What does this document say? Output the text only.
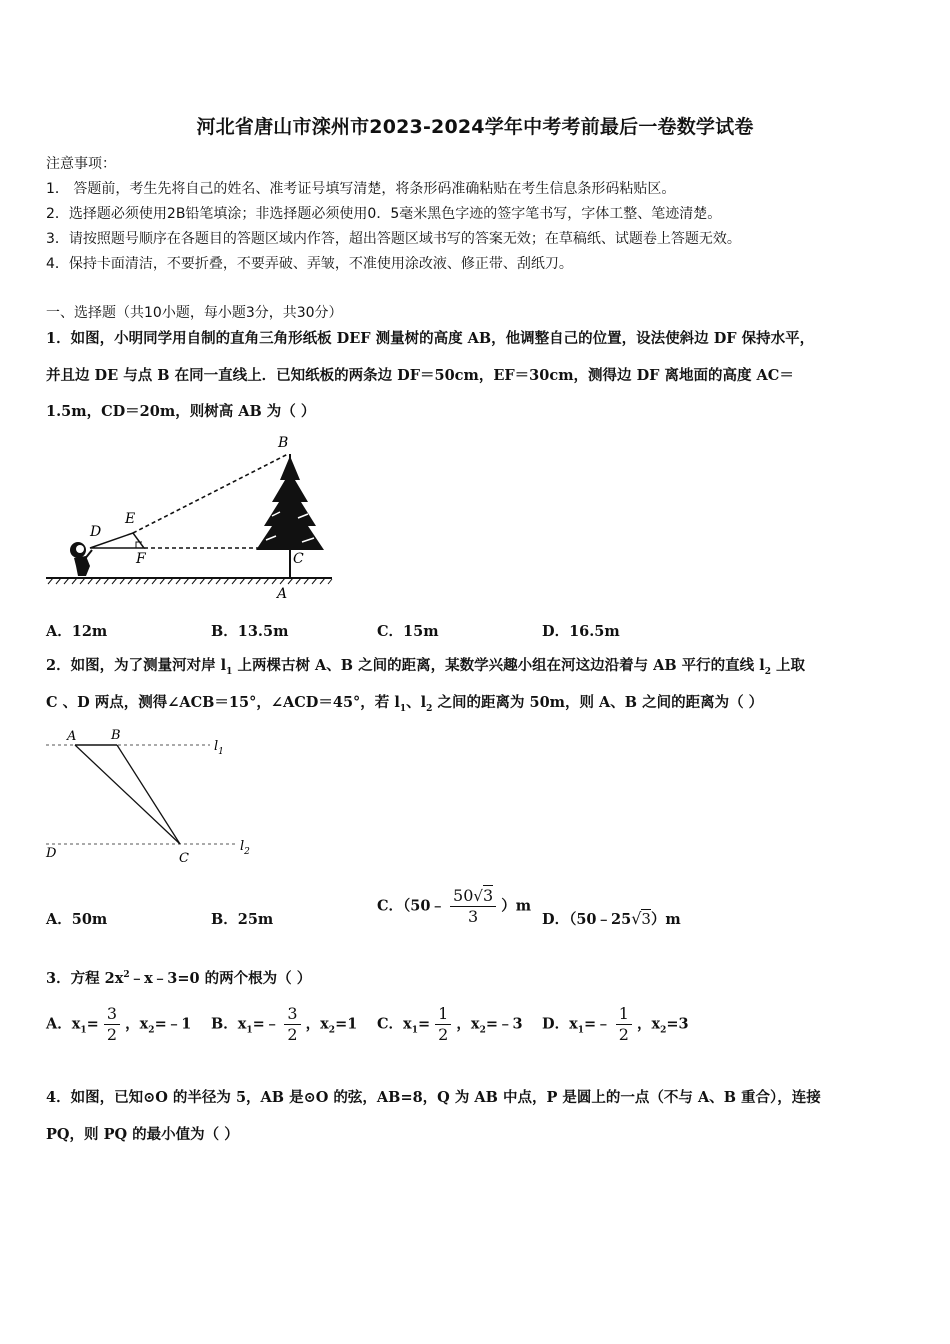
河北省唐山市滦州市2023-2024学年中考考前最后一卷数学试卷
注意事项：
1． 答题前，考生先将自己的姓名、准考证号填写清楚，将条形码准确粘贴在考生信息条形码粘贴区。
2．选择题必须使用2B铅笔填涂；非选择题必须使用0．5毫米黑色字迹的签字笔书写，字体工整、笔迹清楚。
3．请按照题号顺序在各题目的答题区域内作答，超出答题区域书写的答案无效；在草稿纸、试题卷上答题无效。
4．保持卡面清洁，不要折叠，不要弄破、弄皱，不准使用涂改液、修正带、刮纸刀。
一、选择题（共10小题，每小题3分，共30分）
1．如图，小明同学用自制的直角三角形纸板 DEF 测量树的高度 AB，他调整自己的位置，设法使斜边 DF 保持水平，
并且边 DE 与点 B 在同一直线上．已知纸板的两条边 DF＝50cm，EF＝30cm，测得边 DF 离地面的高度 AC＝
1.5m，CD＝20m，则树高 AB 为（ ）
B
E
D
F	C
A
A．12m	B．13.5m	C．15m	D．16.5m
2．如图，为了测量河对岸 $l_1$ 上两棵古树 A、B 之间的距离，某数学兴趣小组在河这边沿着与 AB 平行的直线 $l_2$ 上取
C 、D 两点，测得∠ACB＝15°，∠ACD＝45°，若 $l_1$、$l_2$ 之间的距离为 50m，则 A、B 之间的距离为（ ）
A	B
$l_1$
D	C
$l_2$
A．50m	B．25m
C．（50﹣ $\frac{50√3}{3} )m$
D．（50﹣25√3）m
3．方程 $2x^2﹣x﹣3=0$ 的两个根为（ ）
A．$x_1= \frac{3}{2}$ ，$x_2=﹣1$ B．$x_1=﹣ \frac{3}{2}$ ，$x_2=1$ C．$x_1= \frac{1}{2}$ ，$x_2=﹣3$ D．$x_1=﹣ \frac{1}{2}$ ，$x_2=3$
4．如图，已知⊙O 的半径为 5，AB 是⊙O 的弦，AB=8，Q 为 AB 中点，P 是圆上的一点（不与 A、B 重合），连接
PQ，则 PQ 的最小值为（ ）
